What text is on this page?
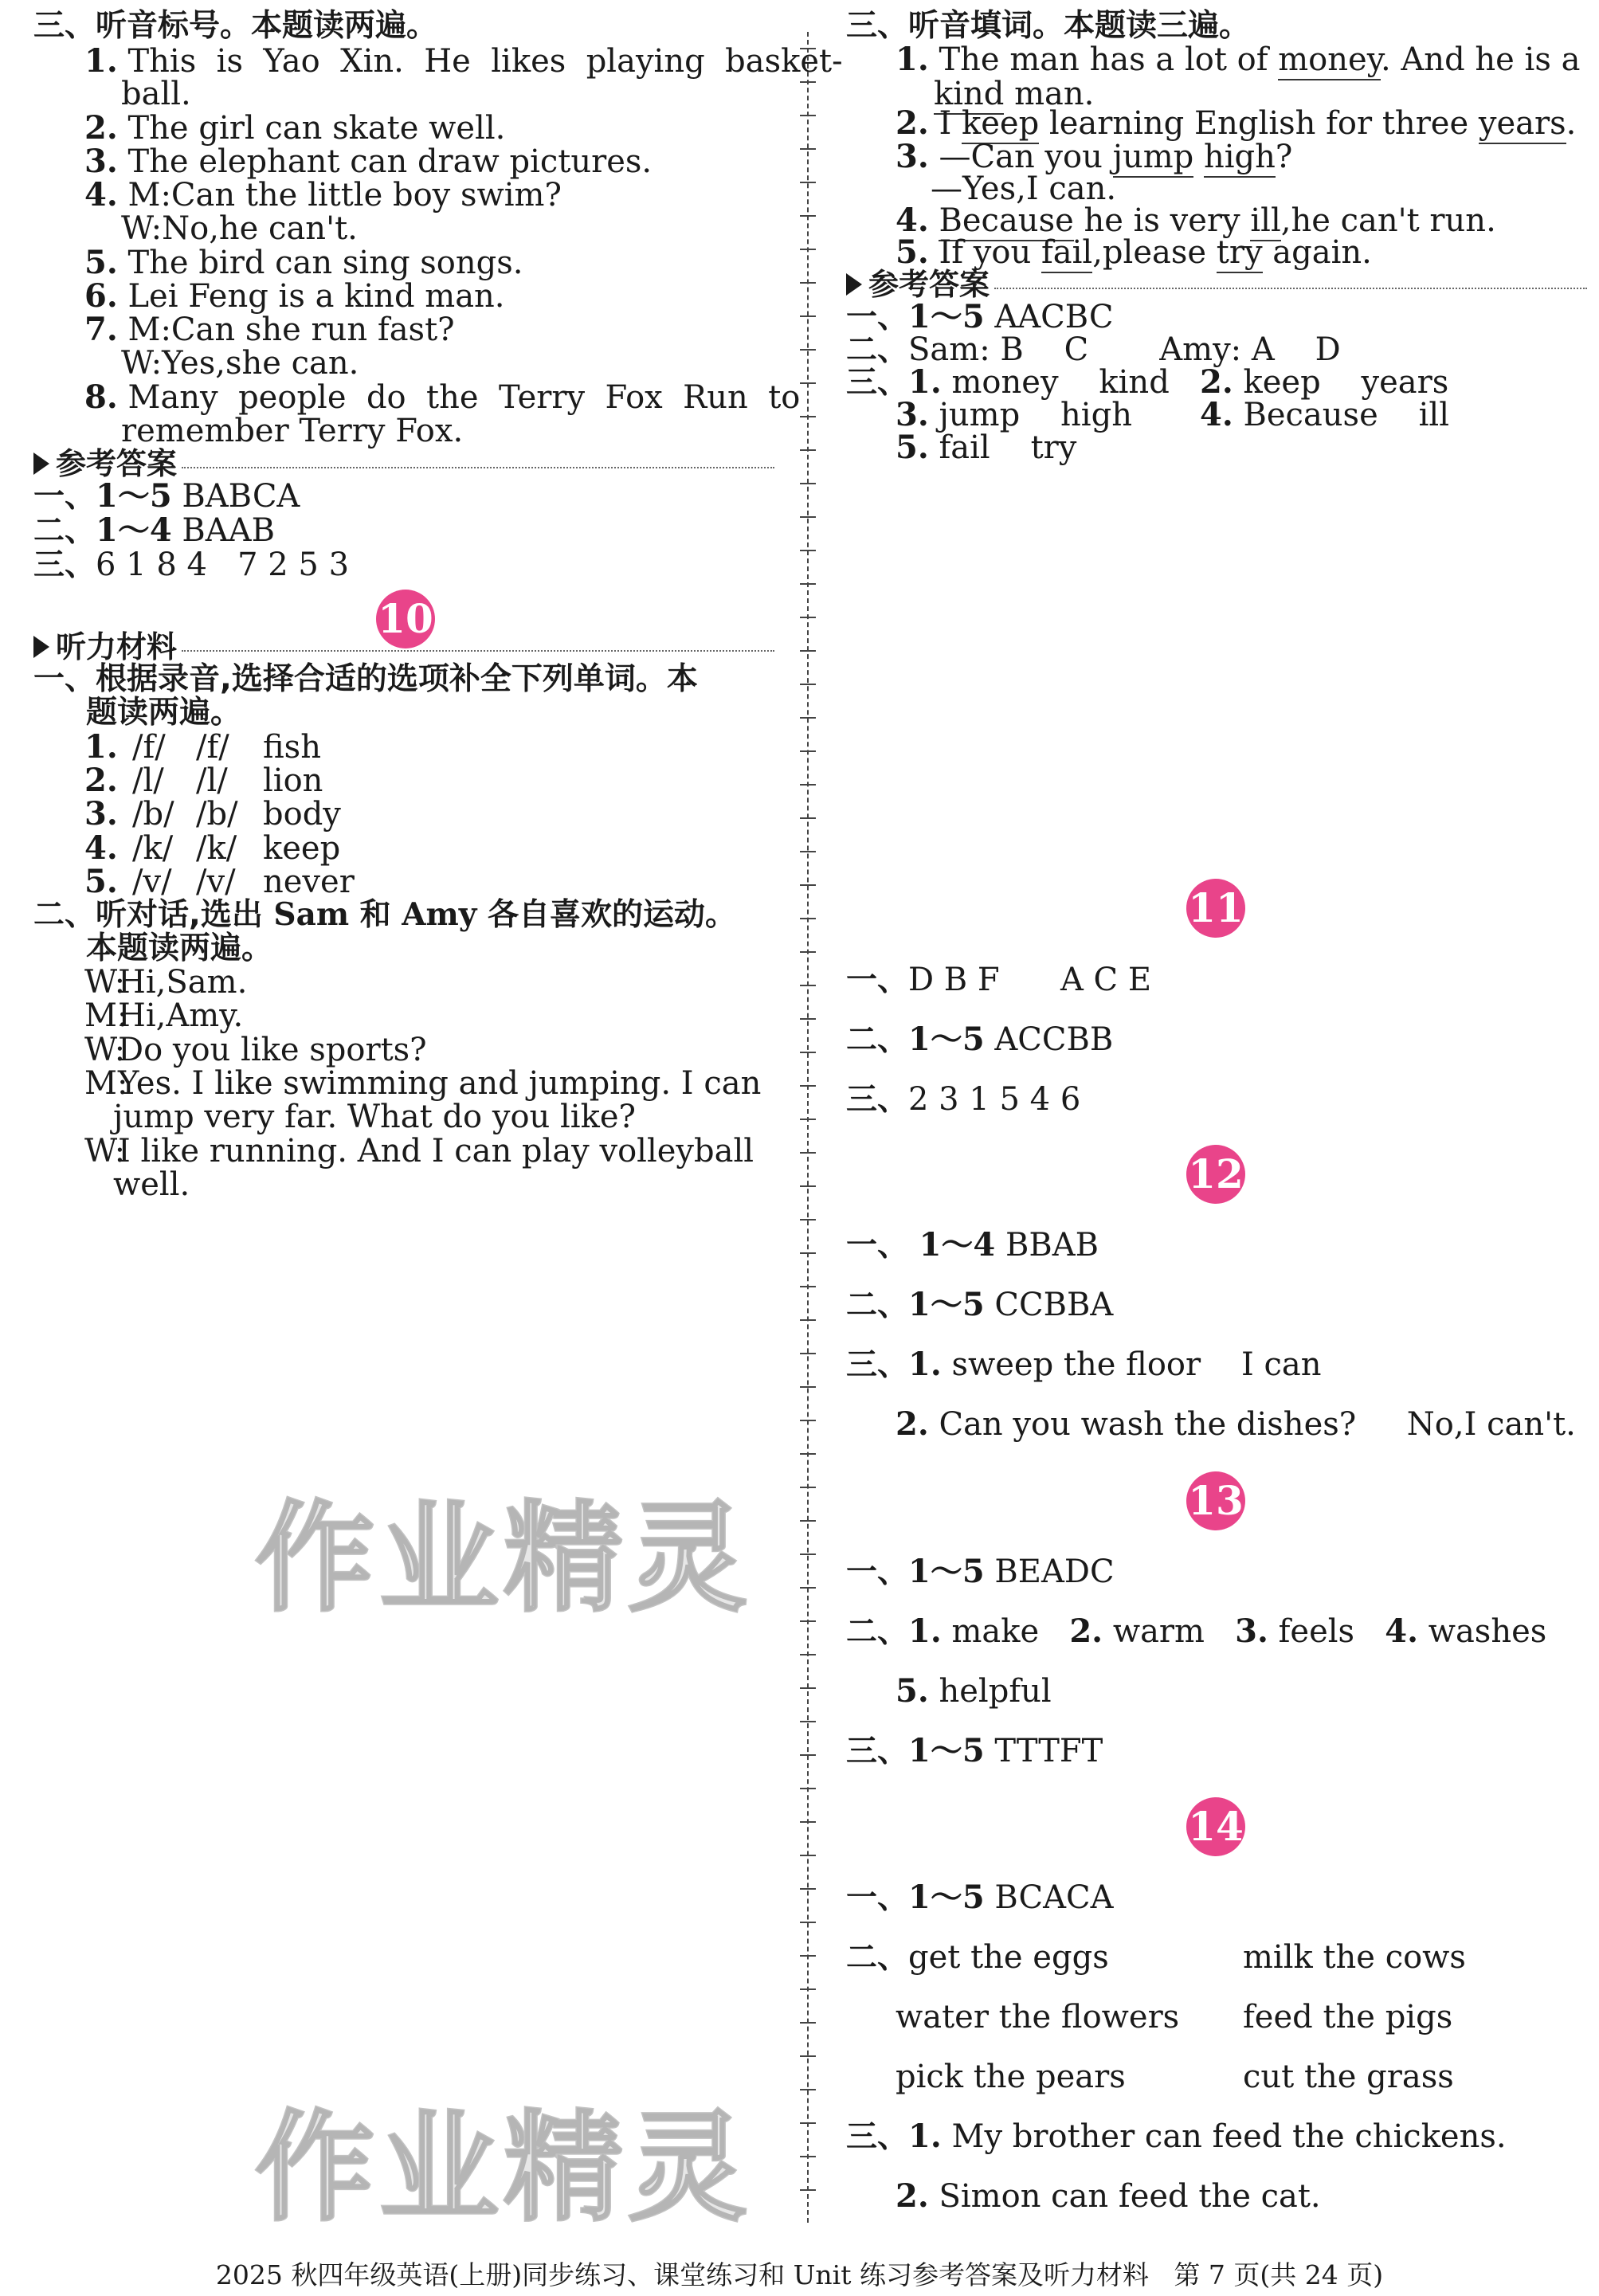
三、听音标号。本题读两遍。
1. This  is  Yao  Xin.  He  likes  playing  basket-
ball.
2. The girl can skate well.
3. The elephant can draw pictures.
4. M:Can the little boy swim?
W:No,he can't.
5. The bird can sing songs.
6. Lei Feng is a kind man.
7. M:Can she run fast?
W:Yes,she can.
8. Many  people  do  the  Terry  Fox  Run  to
remember Terry Fox.
参考答案
一、1～5 BABCA
二、1～4 BAAB
三、6 1 8 4   7 2 5 3
10
听力材料
一、根据录音,选择合适的选项补全下列单词。本
题读两遍。
1. /f/ /f/ fish
2. /l/ /l/ lion
3. /b/ /b/ body
4. /k/ /k/ keep
5. /v/ /v/ never
二、听对话,选出 Sam 和 Amy 各自喜欢的运动。
本题读两遍。
W:Hi,Sam.
M:Hi,Amy.
W:Do you like sports?
M:Yes. I like swimming and jumping. I can
jump very far. What do you like?
W:I like running. And I can play volleyball
well.
三、听音填词。本题读三遍。
1. The man has a lot of money. And he is a
kind man.
2. I keep learning English for three years.
3. —Can you jump high?
—Yes,I can.
4. Because he is very ill,he can't run.
5. If you fail,please try again.
参考答案
一、1～5 AACBC
二、Sam: B    C       Amy: A    D
三、1. money    kind 2. keep    years
3. jump    high 4. Because    ill
5. fail    try
11
一、D B F      A C E
二、1～5 ACCBB
三、2 3 1 5 4 6
12
一、 1～4 BBAB
二、1～5 CCBBA
三、1. sweep the floor    I can
2. Can you wash the dishes?     No,I can't.
13
一、1～5 BEADC
二、1. make 2. warm 3. feels 4. washes
5. helpful
三、1～5 TTTFT
14
一、1～5 BCACA
二、get the eggs	milk the cows
water the flowers feed the pigs
pick the pears	cut the grass
三、1. My brother can feed the chickens.
2. Simon can feed the cat.
作业精灵
作业精灵
2025 秋四年级英语(上册)同步练习、课堂练习和 Unit 练习参考答案及听力材料   第 7 页(共 24 页)
